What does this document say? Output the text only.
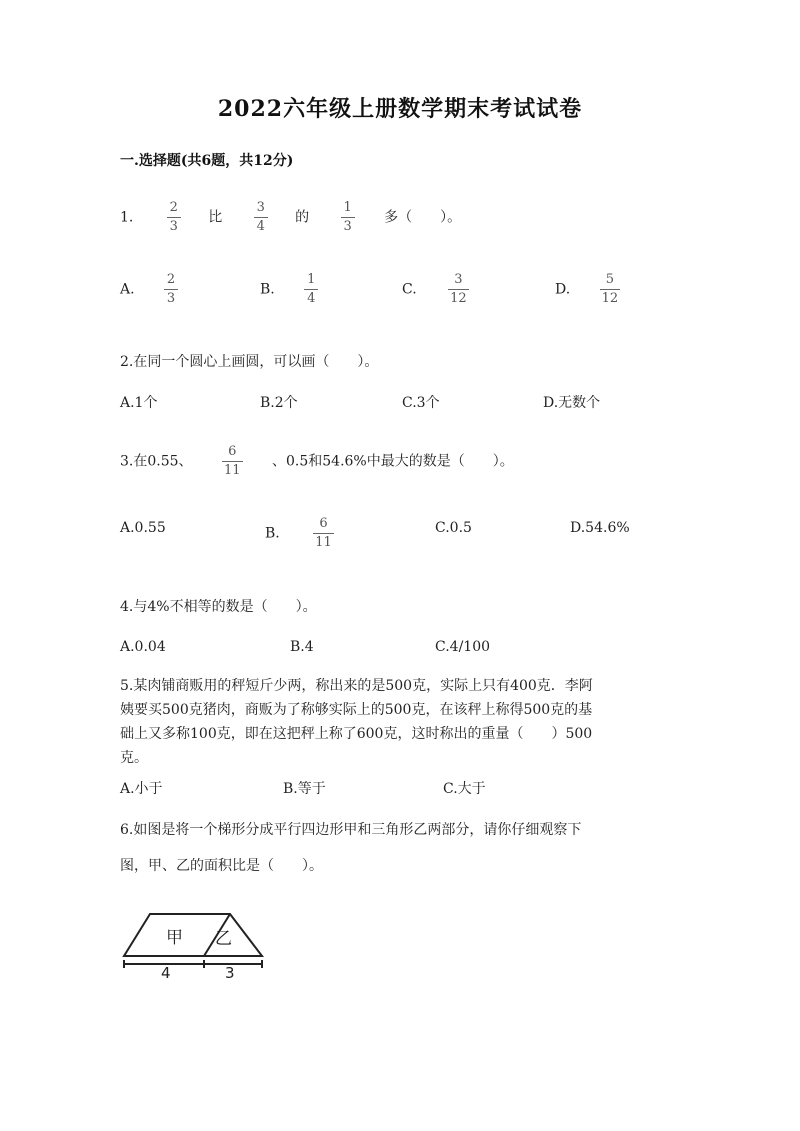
2022六年级上册数学期末考试试卷
一.选择题(共6题，共12分)
1.	$\frac{2}{3}$ 比 $\frac{3}{4}$ 的 $\frac{1}{3}$ 多（　　）。
A. $\frac{2}{3}$	B. $\frac{1}{4}$	C. $\frac{3}{12}$	D. $\frac{5}{12}$
2.在同一个圆心上画圆，可以画（　　）。
A.1个	B.2个	C.3个	D.无数个
3.在0.55、 $\frac{6}{11}$ 、0.5和54.6%中最大的数是（　　）。
A.0.55	B.	$\frac{6}{11}$	C.0.5	D.54.6%
4.与4%不相等的数是（　　）。
A.0.04	B.4	C.4/100
5.某肉铺商贩用的秤短斤少两，称出来的是500克，实际上只有400克．李阿
姨要买500克猪肉，商贩为了称够实际上的500克，在该秤上称得500克的基
础上又多称100克，即在这把秤上称了600克，这时称出的重量（　　）500
克。
A.小于	B.等于	C.大于
6.如图是将一个梯形分成平行四边形甲和三角形乙两部分，请你仔细观察下
图，甲、乙的面积比是（　　）。
甲 乙
4	3
